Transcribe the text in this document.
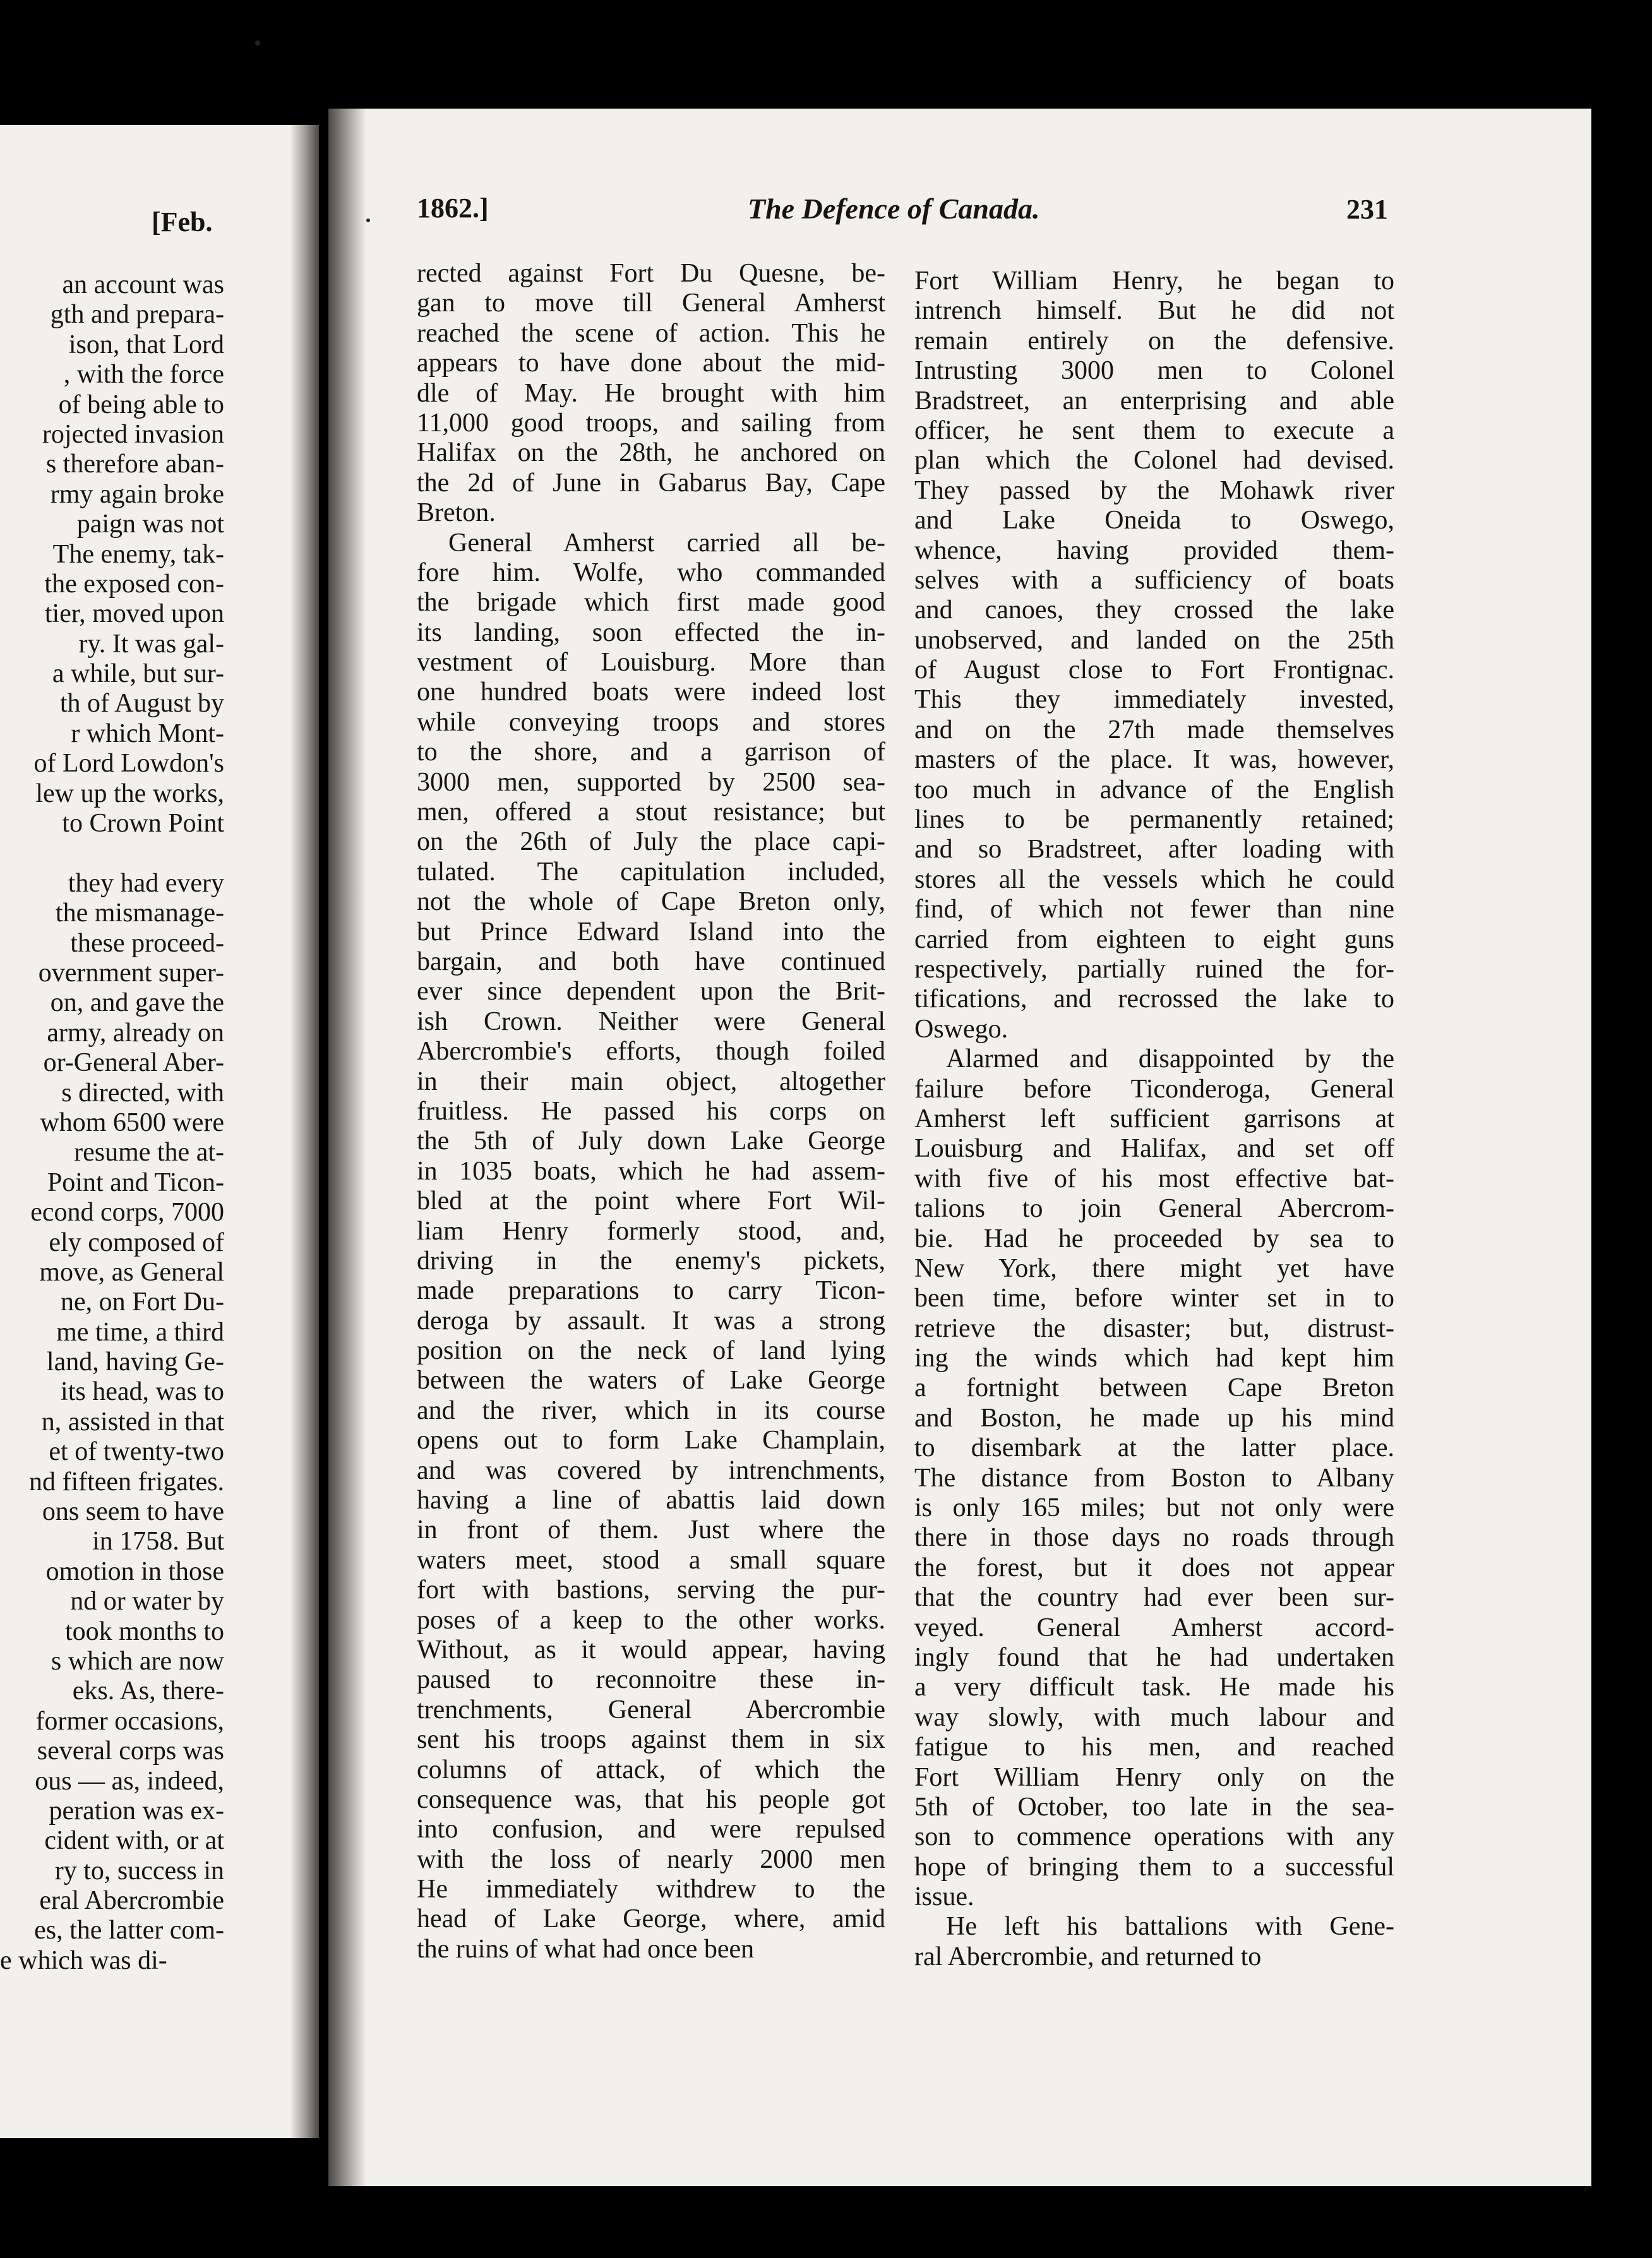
[Feb.
an account was
gth and prepara-
ison, that Lord
, with the force
of being able to
rojected invasion
s therefore aban-
rmy again broke
paign was not
The enemy, tak-
the exposed con-
tier, moved upon
ry. It was gal-
a while, but sur-
th of August by
r which Mont-
of Lord Lowdon's
lew up the works,
to Crown Point
they had every
the mismanage-
these proceed-
overnment super-
on, and gave the
army, already on
or-General Aber-
s directed, with
whom 6500 were
resume the at-
Point and Ticon-
econd corps, 7000
ely composed of
move, as General
ne, on Fort Du-
me time, a third
land, having Ge-
its head, was to
n, assisted in that
et of twenty-two
nd fifteen frigates.
ons seem to have
in 1758. But
omotion in those
nd or water by
took months to
s which are now
eks. As, there-
former occasions,
several corps was
ous — as, indeed,
peration was ex-
cident with, or at
ry to, success in
eral Abercrombie
es, the latter com-
e which was di-
1862.]	The Defence of Canada.	231
rected against Fort Du Quesne, be-
gan to move till General Amherst
reached the scene of action. This he
appears to have done about the mid-
dle of May. He brought with him
11,000 good troops, and sailing from
Halifax on the 28th, he anchored on
the 2d of June in Gabarus Bay, Cape
Breton.
General Amherst carried all be-
fore him. Wolfe, who commanded
the brigade which first made good
its landing, soon effected the in-
vestment of Louisburg. More than
one hundred boats were indeed lost
while conveying troops and stores
to the shore, and a garrison of
3000 men, supported by 2500 sea-
men, offered a stout resistance; but
on the 26th of July the place capi-
tulated. The capitulation included,
not the whole of Cape Breton only,
but Prince Edward Island into the
bargain, and both have continued
ever since dependent upon the Brit-
ish Crown. Neither were General
Abercrombie's efforts, though foiled
in their main object, altogether
fruitless. He passed his corps on
the 5th of July down Lake George
in 1035 boats, which he had assem-
bled at the point where Fort Wil-
liam Henry formerly stood, and,
driving in the enemy's pickets,
made preparations to carry Ticon-
deroga by assault. It was a strong
position on the neck of land lying
between the waters of Lake George
and the river, which in its course
opens out to form Lake Champlain,
and was covered by intrenchments,
having a line of abattis laid down
in front of them. Just where the
waters meet, stood a small square
fort with bastions, serving the pur-
poses of a keep to the other works.
Without, as it would appear, having
paused to reconnoitre these in-
trenchments, General Abercrombie
sent his troops against them in six
columns of attack, of which the
consequence was, that his people got
into confusion, and were repulsed
with the loss of nearly 2000 men
He immediately withdrew to the
head of Lake George, where, amid
the ruins of what had once been
Fort William Henry, he began to
intrench himself. But he did not
remain entirely on the defensive.
Intrusting 3000 men to Colonel
Bradstreet, an enterprising and able
officer, he sent them to execute a
plan which the Colonel had devised.
They passed by the Mohawk river
and Lake Oneida to Oswego,
whence, having provided them-
selves with a sufficiency of boats
and canoes, they crossed the lake
unobserved, and landed on the 25th
of August close to Fort Frontignac.
This they immediately invested,
and on the 27th made themselves
masters of the place. It was, however,
too much in advance of the English
lines to be permanently retained;
and so Bradstreet, after loading with
stores all the vessels which he could
find, of which not fewer than nine
carried from eighteen to eight guns
respectively, partially ruined the for-
tifications, and recrossed the lake to
Oswego.
Alarmed and disappointed by the
failure before Ticonderoga, General
Amherst left sufficient garrisons at
Louisburg and Halifax, and set off
with five of his most effective bat-
talions to join General Abercrom-
bie. Had he proceeded by sea to
New York, there might yet have
been time, before winter set in to
retrieve the disaster; but, distrust-
ing the winds which had kept him
a fortnight between Cape Breton
and Boston, he made up his mind
to disembark at the latter place.
The distance from Boston to Albany
is only 165 miles; but not only were
there in those days no roads through
the forest, but it does not appear
that the country had ever been sur-
veyed. General Amherst accord-
ingly found that he had undertaken
a very difficult task. He made his
way slowly, with much labour and
fatigue to his men, and reached
Fort William Henry only on the
5th of October, too late in the sea-
son to commence operations with any
hope of bringing them to a successful
issue.
He left his battalions with Gene-
ral Abercrombie, and returned to
